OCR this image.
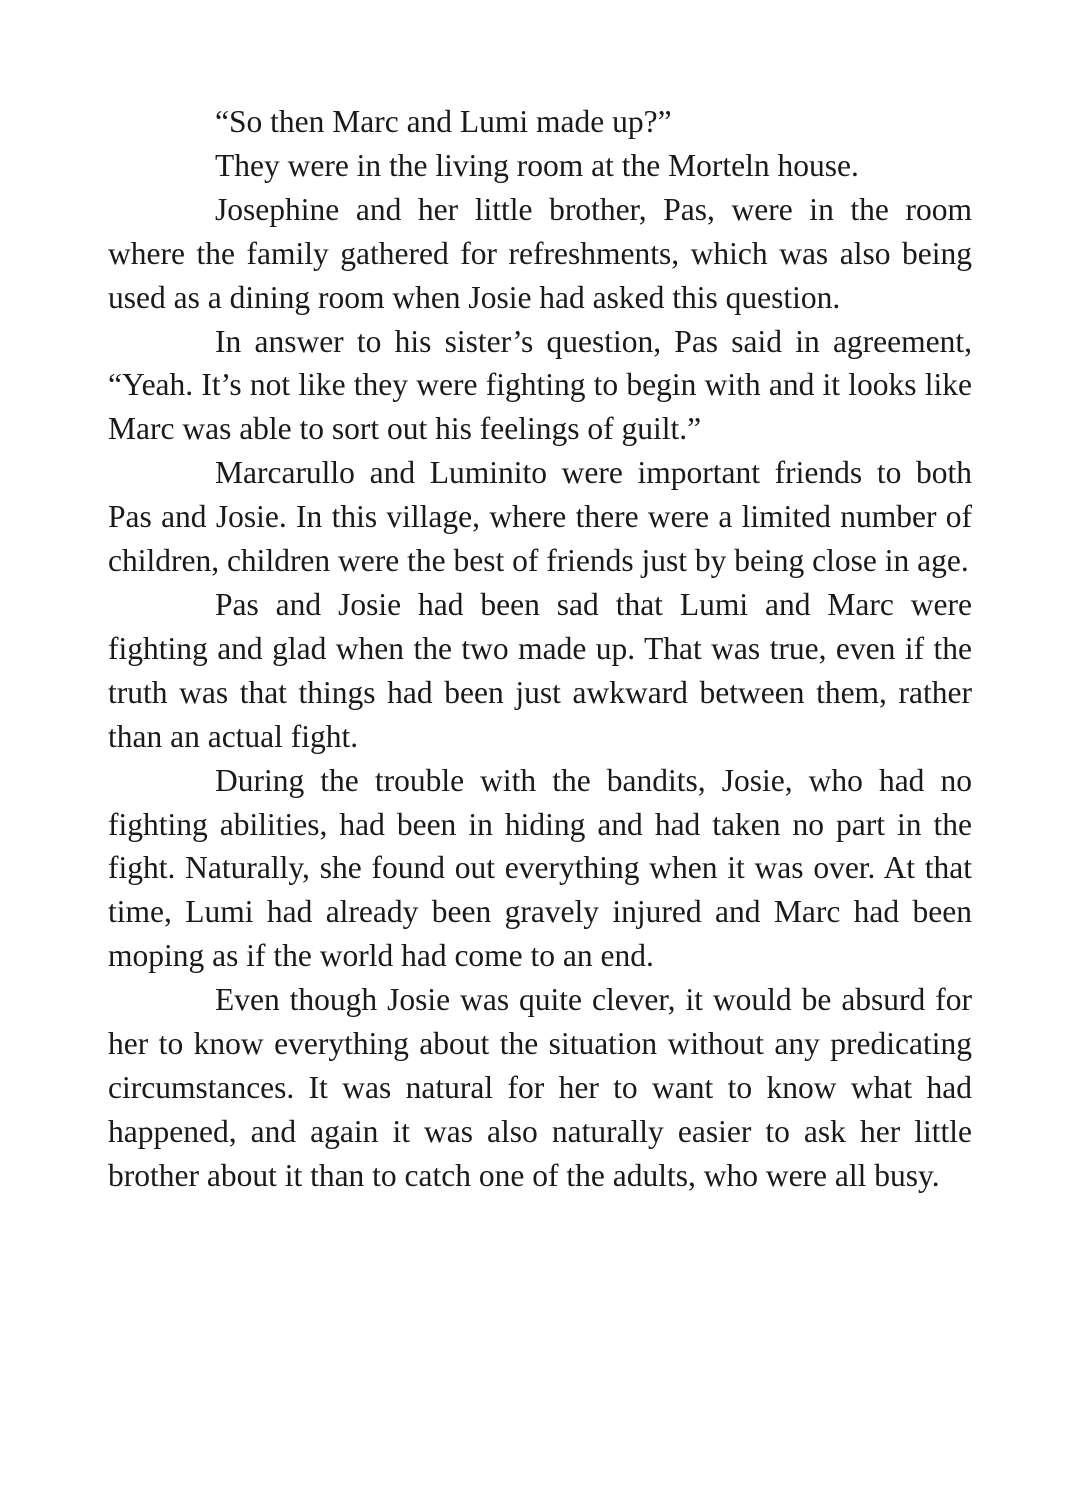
“So then Marc and Lumi made up?”

They were in the living room at the Morteln house.

Josephine and her little brother, Pas, were in the room where the family gathered for refreshments, which was also being used as a dining room when Josie had asked this question.

In answer to his sister’s question, Pas said in agreement, “Yeah. It’s not like they were fighting to begin with and it looks like Marc was able to sort out his feelings of guilt.”

Marcarullo and Luminito were important friends to both Pas and Josie. In this village, where there were a limited number of children, children were the best of friends just by being close in age.

Pas and Josie had been sad that Lumi and Marc were fighting and glad when the two made up. That was true, even if the truth was that things had been just awkward between them, rather than an actual fight.

During the trouble with the bandits, Josie, who had no fighting abilities, had been in hiding and had taken no part in the fight. Naturally, she found out everything when it was over. At that time, Lumi had already been gravely injured and Marc had been moping as if the world had come to an end.

Even though Josie was quite clever, it would be absurd for her to know everything about the situation without any predicating circumstances. It was natural for her to want to know what had happened, and again it was also naturally easier to ask her little brother about it than to catch one of the adults, who were all busy.
